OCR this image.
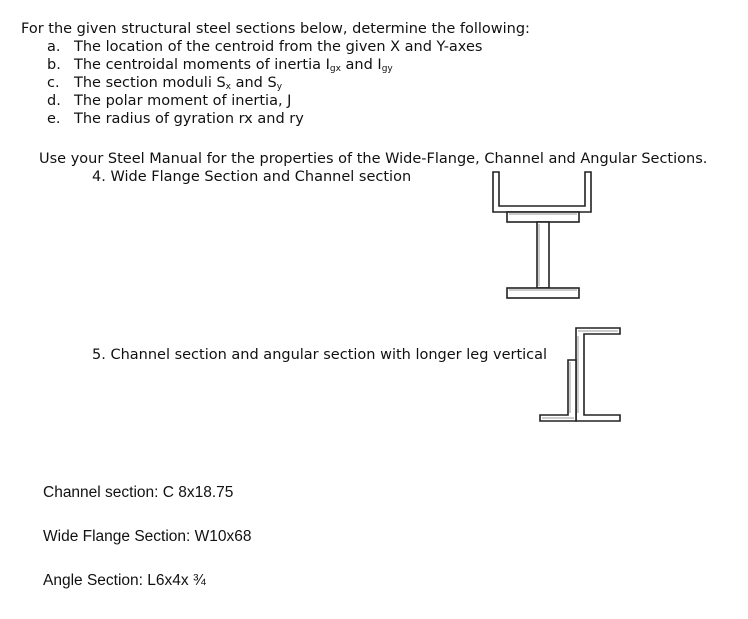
For the given structural steel sections below, determine the following:
a. The location of the centroid from the given X and Y-axes
b. The centroidal moments of inertia $I_{gx}$ and $I_{gy}$
c. The section moduli $S_x$ and $S_y$
d. The polar moment of inertia, J
e. The radius of gyration rx and ry
Use your Steel Manual for the properties of the Wide-Flange, Channel and Angular Sections.
4. Wide Flange Section and Channel section
5. Channel section and angular section with longer leg vertical
Channel section: C 8x18.75
Wide Flange Section: W10x68
Angle Section: L6x4x ¾
